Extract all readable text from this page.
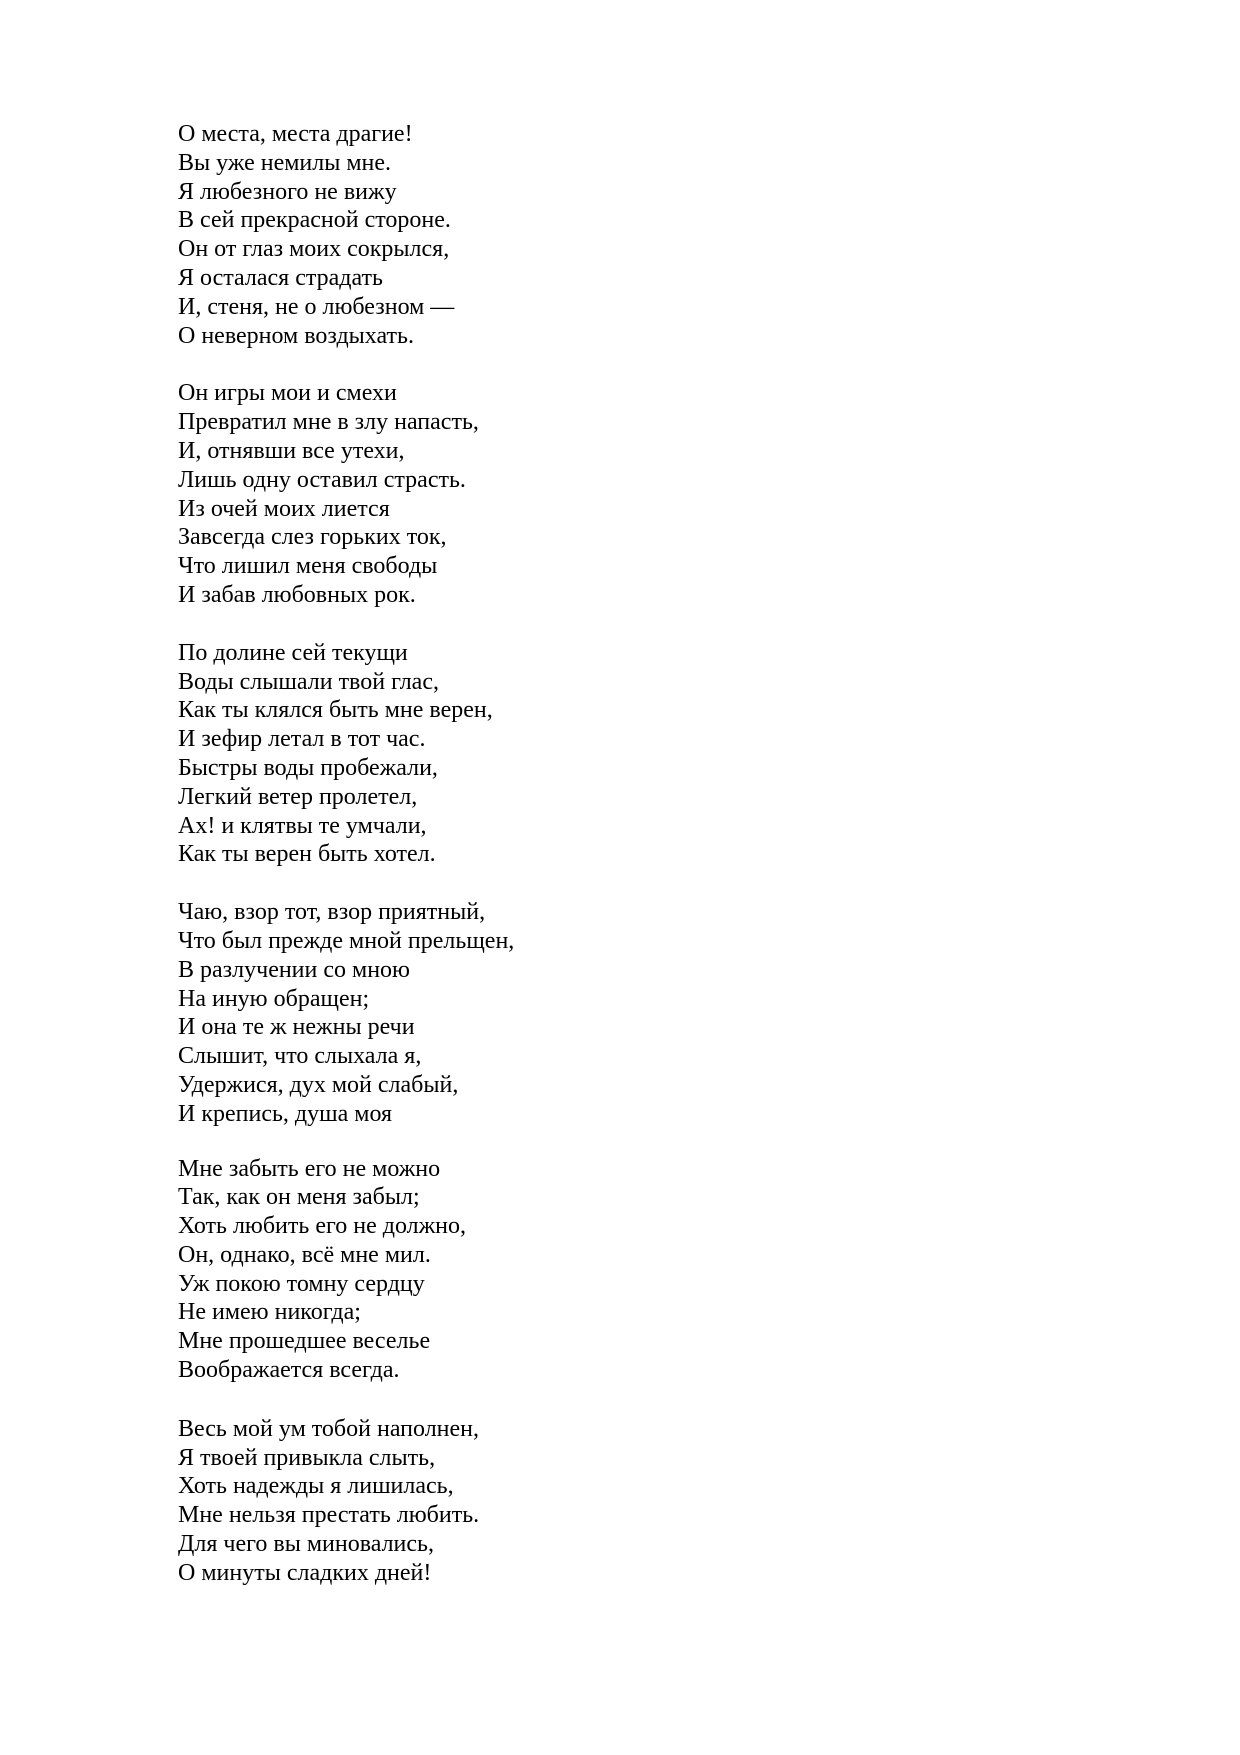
О места, места драгие!
Вы уже немилы мне.
Я любезного не вижу
В сей прекрасной стороне.
Он от глаз моих сокрылся,
Я осталася страдать
И, стеня, не о любезном —
О неверном воздыхать.
Он игры мои и смехи
Превратил мне в злу напасть,
И, отнявши все утехи,
Лишь одну оставил страсть.
Из очей моих лиется
Завсегда слез горьких ток,
Что лишил меня свободы
И забав любовных рок.
По долине сей текущи
Воды слышали твой глас,
Как ты клялся быть мне верен,
И зефир летал в тот час.
Быстры воды пробежали,
Легкий ветер пролетел,
Ах! и клятвы те умчали,
Как ты верен быть хотел.
Чаю, взор тот, взор приятный,
Что был прежде мной прельщен,
В разлучении со мною
На иную обращен;
И она те ж нежны речи
Слышит, что слыхала я,
Удержися, дух мой слабый,
И крепись, душа моя
Мне забыть его не можно
Так, как он меня забыл;
Хоть любить его не должно,
Он, однако, всё мне мил.
Уж покою томну сердцу
Не имею никогда;
Мне прошедшее веселье
Воображается всегда.
Весь мой ум тобой наполнен,
Я твоей привыкла слыть,
Хоть надежды я лишилась,
Мне нельзя престать любить.
Для чего вы миновались,
О минуты сладких дней!
